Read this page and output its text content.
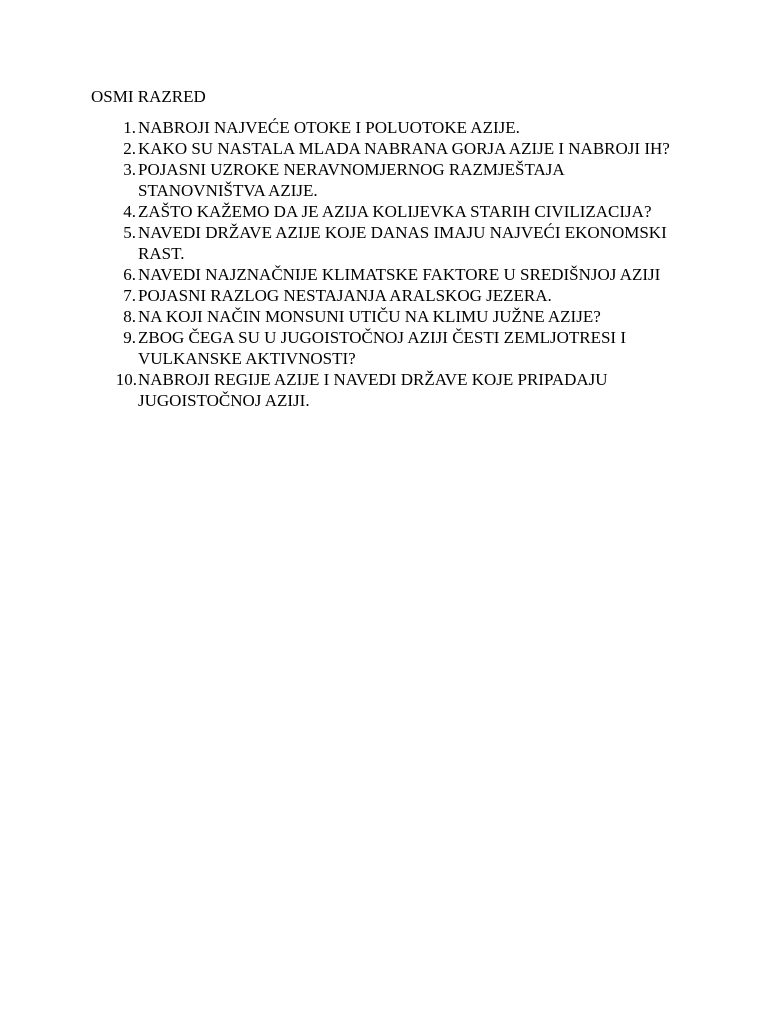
OSMI RAZRED
1. NABROJI NAJVEĆE OTOKE I POLUOTOKE AZIJE.
2. KAKO SU NASTALA MLADA NABRANA GORJA AZIJE I NABROJI IH?
3. POJASNI UZROKE NERAVNOMJERNOG RAZMJEŠTAJA STANOVNIŠTVA AZIJE.
4. ZAŠTO KAŽEMO DA JE AZIJA KOLIJEVKA STARIH CIVILIZACIJA?
5. NAVEDI DRŽAVE AZIJE KOJE DANAS IMAJU NAJVEĆI EKONOMSKI RAST.
6. NAVEDI NAJZNAČNIJE KLIMATSKE FAKTORE U SREDIŠNJOJ AZIJI
7. POJASNI RAZLOG NESTAJANJA ARALSKOG JEZERA.
8. NA KOJI NAČIN MONSUNI UTIČU NA KLIMU JUŽNE AZIJE?
9. ZBOG ČEGA SU U JUGOISTOČNOJ AZIJI ČESTI ZEMLJOTRESI I VULKANSKE AKTIVNOSTI?
10. NABROJI REGIJE AZIJE I NAVEDI DRŽAVE KOJE PRIPADAJU JUGOISTOČNOJ AZIJI.
